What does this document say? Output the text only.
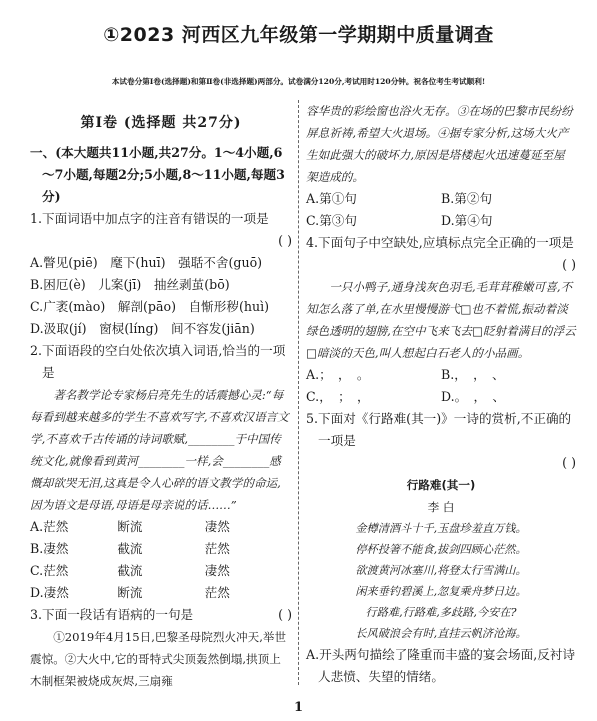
①2023 河西区九年级第一学期期中质量调查
本试卷分第Ⅰ卷(选择题)和第Ⅱ卷(非选择题)两部分。试卷满分120分,考试用时120分钟。祝各位考生考试顺利!
第Ⅰ卷 (选择题 共27分)

一、(本大题共11小题,共27分。1～4小题,6～7小题,每题2分;5小题,8～11小题,每题3分)

1.下面词语中加点字的注音有错误的一项是

( )

A.瞥见(piē)　麾下(huī)　强聒不舍(guō)

B.困厄(è)　儿案(jī)　抽丝剥茧(bō)

C.广袤(mào)　解剖(pāo)　自惭形秽(huì)

D.汲取(jí)　窗棂(líng)　间不容发(jiān)

2.下面语段的空白处依次填入词语,恰当的一项是

著名教学论专家杨启亮先生的话震撼心灵:“每每看到越来越多的学生不喜欢写字,不喜欢汉语言文学,不喜欢千古传诵的诗词歌赋,________于中国传统文化,就像看到黄河________一样,会________感慨却欲哭无泪,这真是令人心碎的语文教学的命运,因为语文是母语,母语是母亲说的话……”

A.茫然	断流	凄然
B.凄然	截流	茫然
C.茫然	截流	凄然
D.凄然	断流	茫然

3.下面一段话有语病的一句是	( )

①2019年4月15日,巴黎圣母院烈火冲天,举世震惊。②大火中,它的哥特式尖顶轰然倒塌,拱顶上木制框架被烧成灰烬,三扇雍

容华贵的彩绘窗也浴火无存。③在场的巴黎市民纷纷屏息祈祷,希望大火退场。④据专家分析,这场大火产生如此强大的破坏力,原因是塔楼起火迅速蔓延至屋架造成的。

A.第①句	B.第②句
C.第③句	D.第④句

4.下面句子中空缺处,应填标点完全正确的一项是

( )

一只小鸭子,通身浅灰色羽毛,毛茸茸稚嫩可喜,不知怎么落了单,在水里慢慢游弋□也不着慌,振动着淡绿色透明的翅膀,在空中飞来飞去□眨射着满目的浮云□暗淡的天色,叫人想起白石老人的小品画。

A.；　，　。	B.，　，　、
C.，　；　，	D.。　，　、

5.下面对《行路难(其一)》一诗的赏析,不正确的一项是

( )

行路难(其一)
李 白
金樽清酒斗十千,玉盘珍羞直万钱。
停杯投箸不能食,拔剑四顾心茫然。
欲渡黄河冰塞川,将登太行雪满山。
闲来垂钓碧溪上,忽复乘舟梦日边。
行路难,行路难,多歧路,今安在?
长风破浪会有时,直挂云帆济沧海。

A.开头两句描绘了隆重而丰盛的宴会场面,反衬诗人悲愤、失望的情绪。

1
